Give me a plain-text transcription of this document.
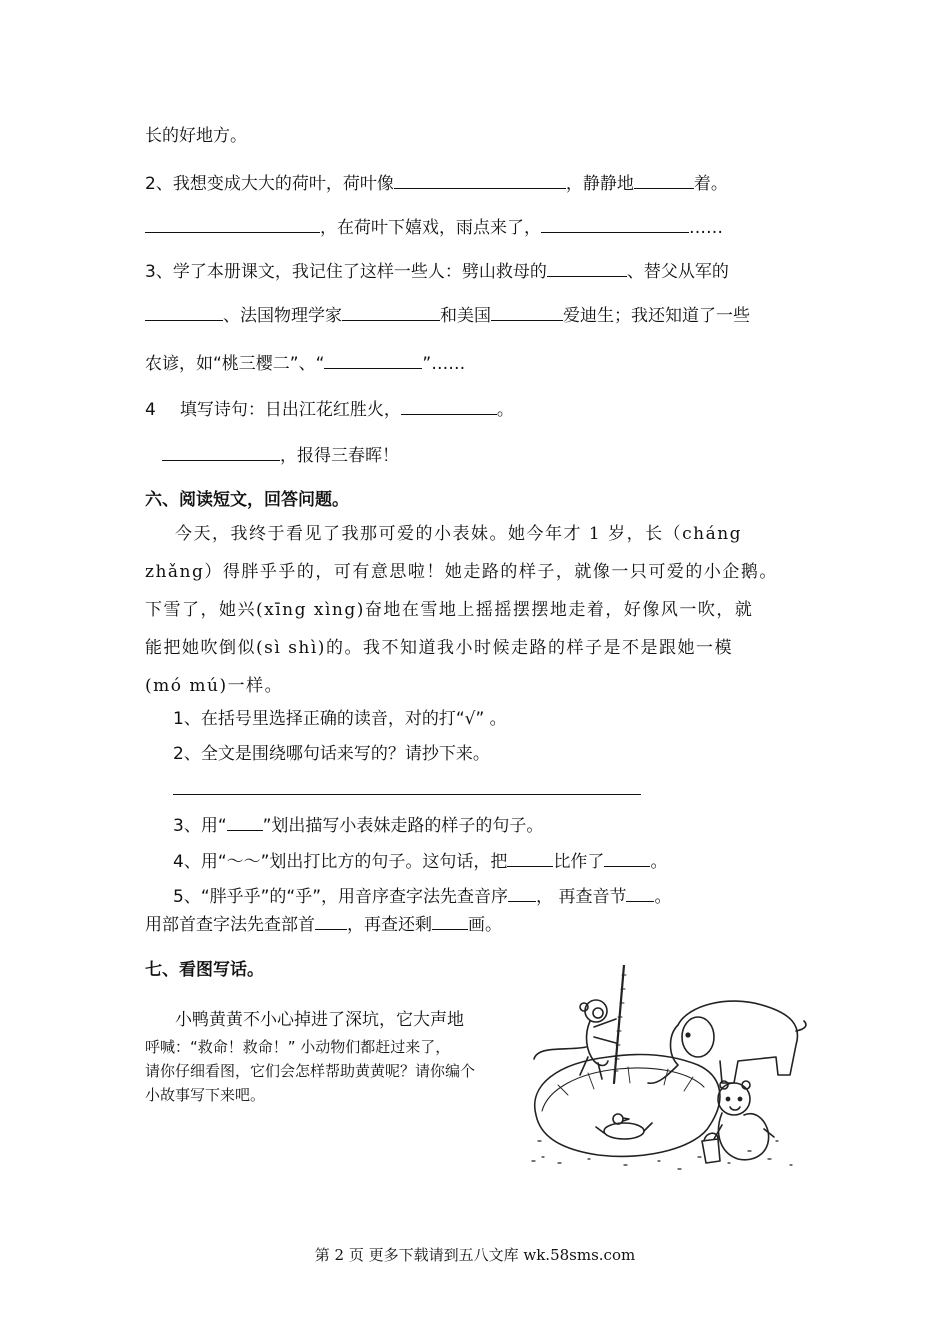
长的好地方。
2、我想变成大大的荷叶，荷叶像	，静静地	着。
，在荷叶下嬉戏，雨点来了，	……
3、学了本册课文，我记住了这样一些人：劈山救母的	、替父从军的
、法国物理学家	和美国	爱迪生；我还知道了一些
农谚，如“桃三樱二”、“	”……
4 填写诗句：日出江花红胜火，	。
，报得三春晖！
六、阅读短文，回答问题。
今天，我终于看见了我那可爱的小表妹。她今年才 1 岁，长（cháng
zhǎng）得胖乎乎的，可有意思啦！她走路的样子，就像一只可爱的小企鹅。
下雪了，她兴(xīng xìng)奋地在雪地上摇摇摆摆地走着，好像风一吹，就
能把她吹倒似(sì shì)的。我不知道我小时候走路的样子是不是跟她一模
(mó mú)一样。
1、在括号里选择正确的读音，对的打“√” 。
2、全文是围绕哪句话来写的？请抄下来。
3、用“ ”划出描写小表妹走路的样子的句子。
4、用“～～”划出打比方的句子。这句话，把	比作了	。
5、“胖乎乎”的“乎”，用音序查字法先查音序 ， 再查音节 。
用部首查字法先查部首 ，再查还剩 画。
七、看图写话。
小鸭黄黄不小心掉进了深坑，它大声地
呼喊：“救命！救命！” 小动物们都赶过来了，
请你仔细看图，它们会怎样帮助黄黄呢？请你编个
小故事写下来吧。
第 2 页 更多下载请到五八文库 wk.58sms.com
